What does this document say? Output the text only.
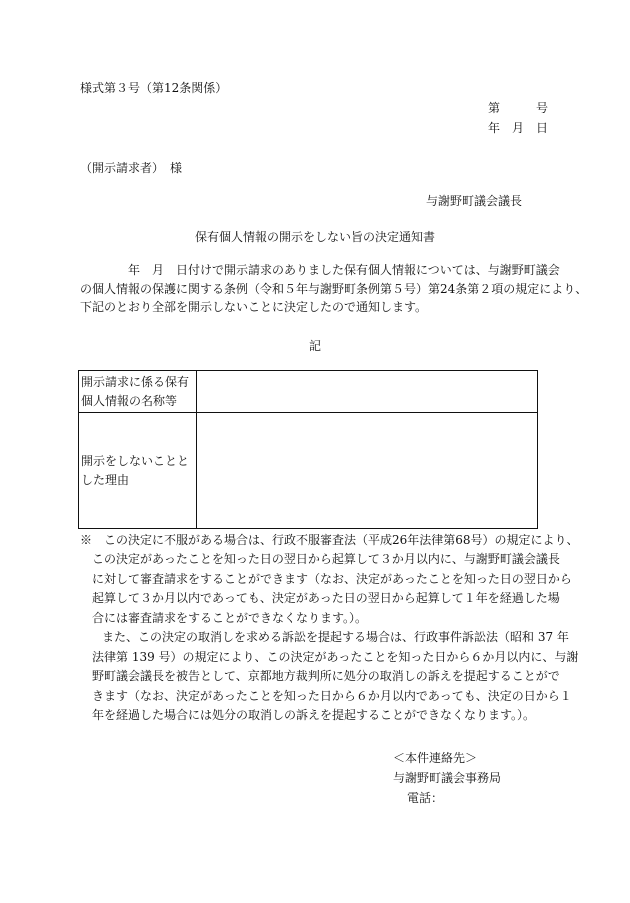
様式第３号（第12条関係）
第　　　号
年　月　日
（開示請求者）　様
与謝野町議会議長
保有個人情報の開示をしない旨の決定通知書
　　　　年　月　日付けで開示請求のありました保有個人情報については、与謝野町議会
の個人情報の保護に関する条例（令和５年与謝野町条例第５号）第24条第２項の規定により、
下記のとおり全部を開示しないことに決定したので通知します。
記
開示請求に係る保有個人情報の名称等	
開示をしないこととした理由	
※　この決定に不服がある場合は、行政不服審査法（平成26年法律第68号）の規定により、
この決定があったことを知った日の翌日から起算して３か月以内に、与謝野町議会議長
に対して審査請求をすることができます（なお、決定があったことを知った日の翌日から
起算して３か月以内であっても、決定があった日の翌日から起算して１年を経過した場
合には審査請求をすることができなくなります。）。
また、この決定の取消しを求める訴訟を提起する場合は、行政事件訴訟法（昭和 37 年
法律第 139 号）の規定により、この決定があったことを知った日から６か月以内に、与謝
野町議会議長を被告として、京都地方裁判所に処分の取消しの訴えを提起することがで
きます（なお、決定があったことを知った日から６か月以内であっても、決定の日から１
年を経過した場合には処分の取消しの訴えを提起することができなくなります。）。
＜本件連絡先＞
与謝野町議会事務局
電話：
